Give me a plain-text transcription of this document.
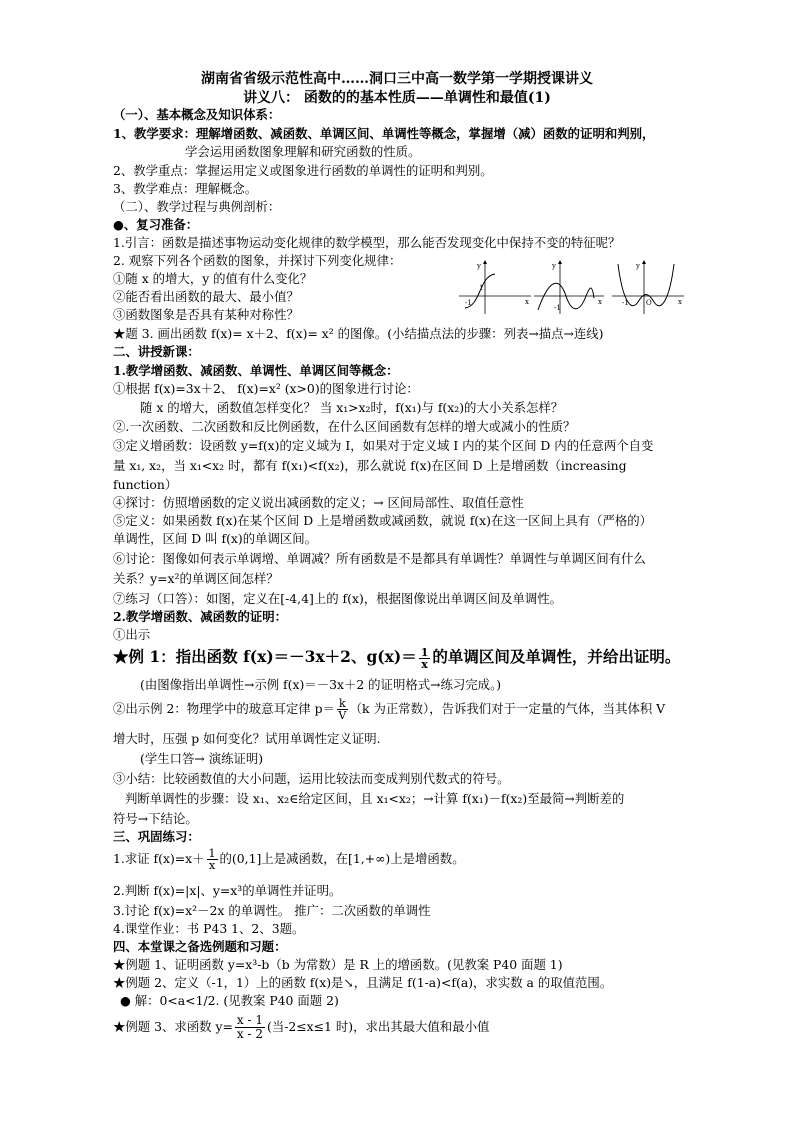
湖南省省级示范性高中……洞口三中高一数学第一学期授课讲义
讲义八： 函数的的基本性质——单调性和最值(1)
（一）、基本概念及知识体系：
1、教学要求：理解增函数、减函数、单调区间、单调性等概念，掌握增（减）函数的证明和判别，
学会运用函数图象理解和研究函数的性质。
2、教学重点：掌握运用定义或图象进行函数的单调性的证明和判别。
3、教学难点：理解概念。
（二）、教学过程与典例剖析：
●、复习准备：
1.引言：函数是描述事物运动变化规律的数学模型，那么能否发现变化中保持不变的特征呢？
2. 观察下列各个函数的图象，并探讨下列变化规律：
①随 x 的增大，y 的值有什么变化？
②能否看出函数的最大、最小值？
③函数图象是否具有某种对称性？
★题 3. 画出函数 f(x)= x＋2、f(x)= x² 的图像。(小结描点法的步骤：列表→描点→连线)
y
x
1
-1
y
x
-1
y
x
-1 O
二、讲授新课：
1.教学增函数、减函数、单调性、单调区间等概念：
①根据 f(x)=3x＋2、 f(x)=x² (x>0)的图象进行讨论：
随 x 的增大，函数值怎样变化？ 当 x₁>x₂时，f(x₁)与 f(x₂)的大小关系怎样？
②.一次函数、二次函数和反比例函数，在什么区间函数有怎样的增大或减小的性质？
③定义增函数：设函数 y=f(x)的定义域为 I，如果对于定义域 I 内的某个区间 D 内的任意两个自变
量 x₁, x₂，当 x₁<x₂ 时，都有 f(x₁)<f(x₂)，那么就说 f(x)在区间 D 上是增函数（increasing
function）
④探讨：仿照增函数的定义说出减函数的定义；→ 区间局部性、取值任意性
⑤定义：如果函数 f(x)在某个区间 D 上是增函数或减函数，就说 f(x)在这一区间上具有（严格的）
单调性，区间 D 叫 f(x)的单调区间。
⑥讨论：图像如何表示单调增、单调减？所有函数是不是都具有单调性？单调性与单调区间有什么
关系？y=x²的单调区间怎样？
⑦练习（口答）：如图，定义在[-4,4]上的 f(x)，根据图像说出单调区间及单调性。
2.教学增函数、减函数的证明：
①出示
★例 1：指出函数 f(x)＝－3x＋2、$g(x)= \frac{1}{x}$ 的单调区间及单调性，并给出证明。
(由图像指出单调性→示例 f(x)＝－3x＋2 的证明格式→练习完成。)
②出示例 2：物理学中的玻意耳定律 $p= \frac{k}{V} (k$ 为正常数），告诉我们对于一定量的气体，当其体积 V
增大时，压强 p 如何变化？试用单调性定义证明.
(学生口答→ 演练证明)
③小结：比较函数值的大小问题，运用比较法而变成判别代数式的符号。
判断单调性的步骤：设 x₁、x₂∈给定区间，且 x₁<x₂；→计算 f(x₁)－f(x₂)至最简→判断差的
符号→下结论。
三、巩固练习：
1.求证 $f(x)=x+ \frac{1}{x}$ 的(0,1]上是减函数，在[1,+∞)上是增函数。
2.判断 f(x)=|x|、y=x³的单调性并证明。
3.讨论 f(x)=x²－2x 的单调性。 推广：二次函数的单调性
4.课堂作业：书 P43 1、2、3题。
四、本堂课之备选例题和习题：
★例题 1、证明函数 y=x³-b（b 为常数）是 R 上的增函数。(见教案 P40 面题 1)
★例题 2、定义（-1，1）上的函数 f(x)是↘，且满足 f(1-a)<f(a)，求实数 a 的取值范围。
● 解：0<a<1/2. (见教案 P40 面题 2)
★例题 3、求函数 $y= \frac{x - 1}{x - 2}$ (当-2≤x≤1 时)，求出其最大值和最小值
